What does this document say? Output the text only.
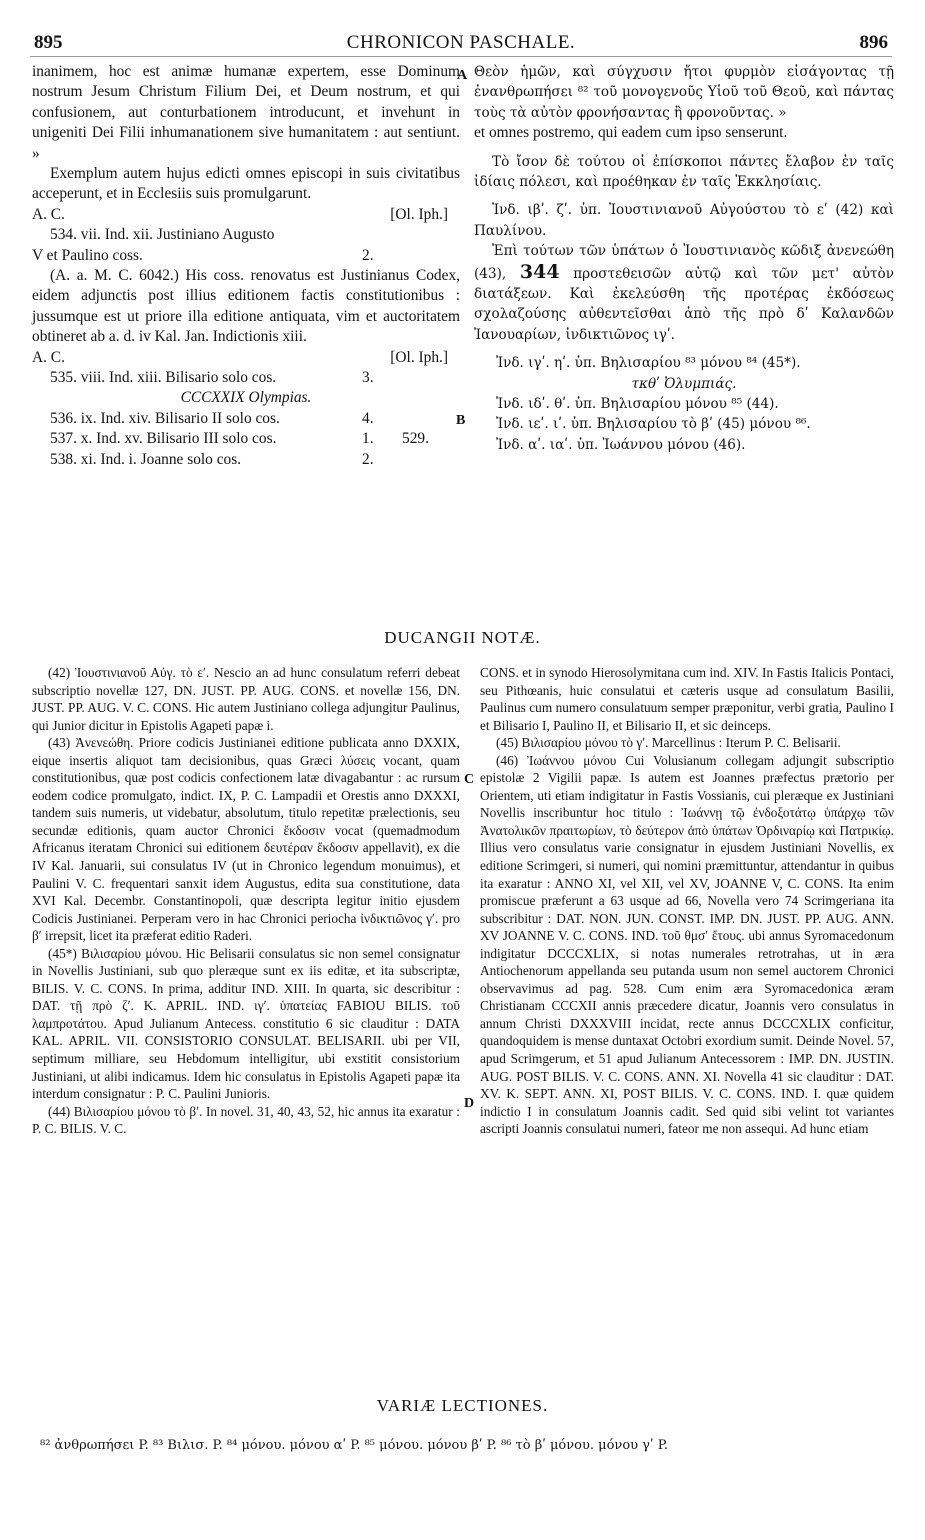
895	CHRONICON PASCHALE.	896
A
B
C
D

inanimem, hoc est animæ humanæ expertem, esse Dominum nostrum Jesum Christum Filium Dei, et Deum nostrum, et qui confusionem, aut conturbationem introducunt, et invehunt in unigeniti Dei Filii inhumanationem sive humanitatem : aut sentiunt. »

Exemplum autem hujus edicti omnes episcopi in suis civitatibus acceperunt, et in Ecclesiis suis promulgarunt.

A. C.	[Ol. Iph.]
534. vii. Ind. xii. Justiniano Augusto
V et Paulino coss.	2.

(A. a. M. C. 6042.) His coss. renovatus est Justinianus Codex, eidem adjunctis post illius editionem factis constitutionibus : jussumque est ut priore illa editione antiquata, vim et auctoritatem obtineret ab a. d. iv Kal. Jan. Indictionis xiii.

A. C.	[Ol. Iph.]
535. viii. Ind. xiii. Bilisario solo cos.	3.
CCCXXIX Olympias.
536. ix. Ind. xiv. Bilisario II solo cos.	4.
537. x. Ind. xv. Bilisario III solo cos.	1. 529.
538. xi. Ind. i. Joanne solo cos.	2.

Θεὸν ἡμῶν, καὶ σύγχυσιν ἤτοι φυρμὸν εἰσάγοντας τῇ ἐνανθρωπήσει ⁸² τοῦ μονογενοῦς Υἱοῦ τοῦ Θεοῦ, καὶ πάντας τοὺς τὰ αὐτὸν φρονήσαντας ἢ φρονοῦντας. »

et omnes postremo, qui eadem cum ipso senserunt.

Τὸ ἴσον δὲ τούτου οἱ ἐπίσκοποι πάντες ἔλαβον ἐν ταῖς ἰδίαις πόλεσι, καὶ προέθηκαν ἐν ταῖς Ἐκκλησίαις.

Ἰνδ. ιβʹ. ζʹ. ὑπ. Ἰουστινιανοῦ Αὐγούστου τὸ εʹ (42) καὶ Παυλίνου.

Ἐπὶ τούτων τῶν ὑπάτων ὁ Ἰουστινιανὸς κῶδιξ ἀνενεώθη (43), 344 προστεθεισῶν αὐτῷ καὶ τῶν μετ' αὐτὸν διατάξεων. Καὶ ἐκελεύσθη τῆς προτέρας ἐκδόσεως σχολαζούσης αὐθεντεῖσθαι ἀπὸ τῆς πρὸ δʹ Καλανδῶν Ἰανουαρίων, ἰνδικτιῶνος ιγʹ.

Ἰνδ. ιγʹ. ηʹ. ὑπ. Βηλισαρίου ⁸³ μόνου ⁸⁴ (45*).
τκθʹ Ὀλυμπιάς.
Ἰνδ. ιδʹ. θʹ. ὑπ. Βηλισαρίου μόνου ⁸⁵ (44).
Ἰνδ. ιεʹ. ιʹ. ὑπ. Βηλισαρίου τὸ βʹ (45) μόνου ⁸⁶.
Ἰνδ. αʹ. ιαʹ. ὑπ. Ἰωάννου μόνου (46).
DUCANGII NOTÆ.

(42) Ἰουστινιανοῦ Αὐγ. τὸ εʹ. Nescio an ad hunc consulatum referri debeat subscriptio novellæ 127, DN. JUST. PP. AUG. CONS. et novellæ 156, DN. JUST. PP. AUG. V. C. CONS. Hic autem Justiniano collega adjungitur Paulinus, qui Junior dicitur in Epistolis Agapeti papæ i.

(43) Ἀνενεώθη. Priore codicis Justinianei editione publicata anno DXXIX, eique insertis aliquot tam decisionibus, quas Græci λύσεις vocant, quam constitutionibus, quæ post codicis confectionem latæ divagabantur : ac rursum eodem codice promulgato, indict. IX, P. C. Lampadii et Orestis anno DXXXI, tandem suis numeris, ut videbatur, absolutum, titulo repetitæ prælectionis, seu secundæ editionis, quam auctor Chronici ἔκδοσιν vocat (quemadmodum Africanus iteratam Chronici sui editionem δευτέραν ἔκδοσιν appellavit), ex die IV Kal. Januarii, sui consulatus IV (ut in Chronico legendum monuimus), et Paulini V. C. frequentari sanxit idem Augustus, edita sua constitutione, data XVI Kal. Decembr. Constantinopoli, quæ descripta legitur initio ejusdem Codicis Justinianei. Perperam vero in hac Chronici periocha ἰνδικτιῶνος γʹ. pro βʹ irrepsit, licet ita præferat editio Raderi.

(45*) Βιλισαρίου μόνου. Hic Belisarii consulatus sic non semel consignatur in Novellis Justiniani, sub quo pleræque sunt ex iis editæ, et ita subscriptæ, BILIS. V. C. CONS. In prima, additur IND. XIII. In quarta, sic describitur : DAT. τῇ πρὸ ζʹ. K. APRIL. IND. ιγʹ. ὑπατείας FABIOU BILIS. τοῦ λαμπροτάτου. Apud Julianum Antecess. constitutio 6 sic clauditur : DATA KAL. APRIL. VII. CONSISTORIO CONSULAT. BELISARII. ubi per VII, septimum milliare, seu Hebdomum intelligitur, ubi exstitit consistorium Justiniani, ut alibi indicamus. Idem hic consulatus in Epistolis Agapeti papæ ita interdum consignatur : P. C. Paulini Junioris.

(44) Βιλισαρίου μόνου τὸ βʹ. In novel. 31, 40, 43, 52, hic annus ita exaratur : P. C. BILIS. V. C.

CONS. et in synodo Hierosolymitana cum ind. XIV. In Fastis Italicis Pontaci, seu Pithœanis, huic consulatui et cæteris usque ad consulatum Basilii, Paulinus cum numero consulatuum semper præponitur, verbi gratia, Paulino I et Bilisario I, Paulino II, et Bilisario II, et sic deinceps.

(45) Βιλισαρίου μόνου τὸ γʹ. Marcellinus : Iterum P. C. Belisarii.

(46) Ἰωάννου μόνου Cui Volusianum collegam adjungit subscriptio epistolæ 2 Vigilii papæ. Is autem est Joannes præfectus prætorio per Orientem, uti etiam indigitatur in Fastis Vossianis, cui pleræque ex Justiniani Novellis inscribuntur hoc titulo : Ἰωάννῃ τῷ ἐνδοξοτάτῳ ὑπάρχῳ τῶν Ἀνατολικῶν πραιτωρίων, τὸ δεύτερον ἀπὸ ὑπάτων Ὀρδιναρίῳ καὶ Πατρικίῳ. Illius vero consulatus varie consignatur in ejusdem Justiniani Novellis, ex editione Scrimgeri, si numeri, qui nomini præmittuntur, attendantur in quibus ita exaratur : ANNO XI, vel XII, vel XV, JOANNE V, C. CONS. Ita enim promiscue præferunt a 63 usque ad 66, Novella vero 74 Scrimgeriana ita subscribitur : DAT. NON. JUN. CONST. IMP. DN. JUST. PP. AUG. ANN. XV JOANNE V. C. CONS. IND. τοῦ θμσʹ ἔτους. ubi annus Syromacedonum indigitatur DCCCXLIX, si notas numerales retrotrahas, ut in æra Antiochenorum appellanda seu putanda usum non semel auctorem Chronici observavimus ad pag. 528. Cum enim æra Syromacedonica æram Christianam CCCXII annis præcedere dicatur, Joannis vero consulatus in annum Christi DXXXVIII incidat, recte annus DCCCXLIX conficitur, quandoquidem is mense duntaxat Octobri exordium sumit. Deinde Novel. 57, apud Scrimgerum, et 51 apud Julianum Antecessorem : IMP. DN. JUSTIN. AUG. POST BILIS. V. C. CONS. ANN. XI. Novella 41 sic clauditur : DAT. XV. K. SEPT. ANN. XI, POST BILIS. V. C. CONS. IND. I. quæ quidem indictio I in consulatum Joannis cadit. Sed quid sibi velint tot variantes ascripti Joannis consulatui numeri, fateor me non assequi. Ad hunc etiam

VARIÆ LECTIONES.
⁸² ἀνθρωπήσει P. ⁸³ Βιλισ. P. ⁸⁴ μόνου. μόνου αʹ P. ⁸⁵ μόνου. μόνου βʹ P. ⁸⁶ τὸ βʹ μόνου. μόνου γʹ P.
